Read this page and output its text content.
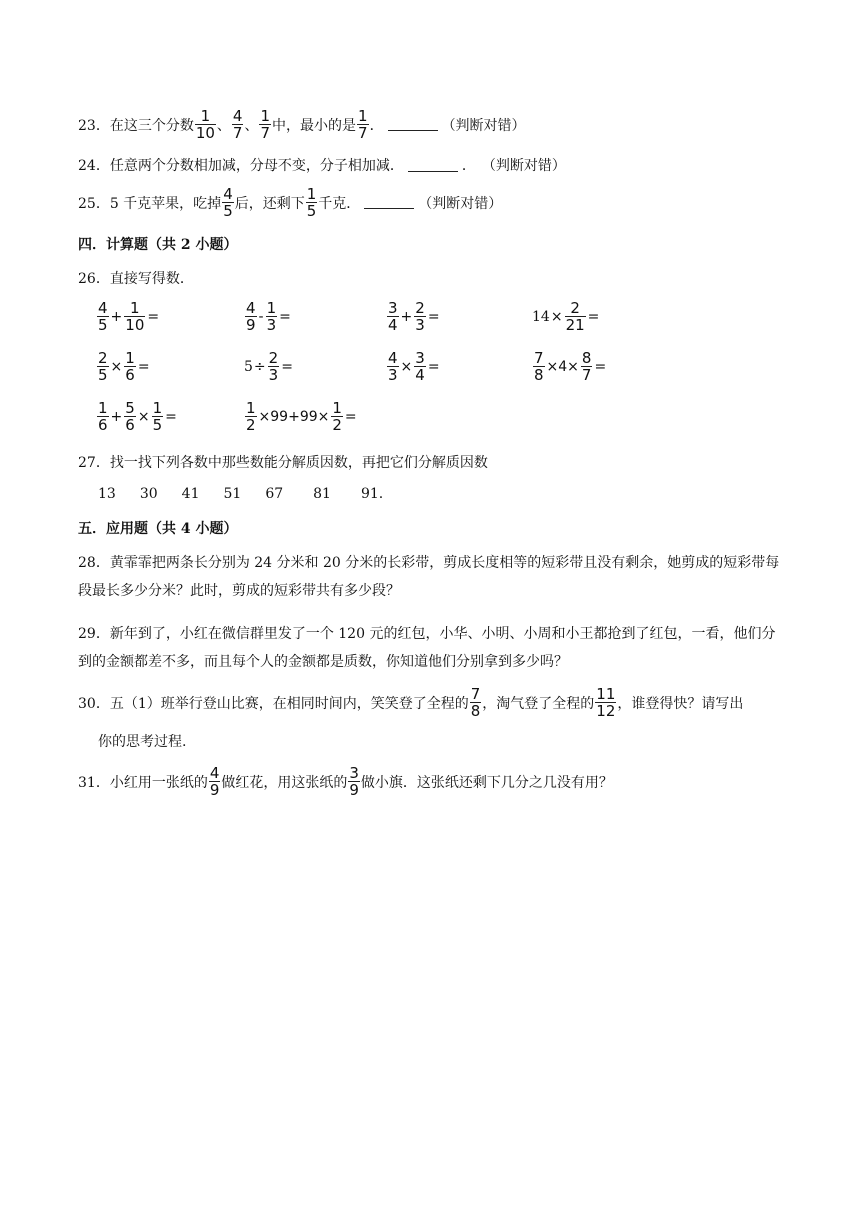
23． 在这三个分数 $\frac{1}{10}$ 、 $\frac{4}{7}$ 、 $\frac{1}{7}$ 中，最小的是 $\frac{1}{7}$ ．	（判断对错）
24． 任意两个分数相加减，分母不变，分子相加减．	． （判断对错）
25． 5 千克苹果，吃掉 $\frac{4}{5}$ 后，还剩下 $\frac{1}{5}$ 千克．	（判断对错）
四．计算题（共 2 小题）
26． 直接写得数．
$\frac{4}{5} + \frac{1}{10}$ =	$\frac{4}{9} - \frac{1}{3}$ =	$\frac{3}{4} + \frac{2}{3}$ =	$14 \times \frac{2}{21}$ =
$\frac{2}{5} \times \frac{1}{6}$ =	$5 \div \frac{2}{3}$ =	$\frac{4}{3} \times \frac{3}{4}$ =	$\frac{7}{8} \times 4\times \frac{8}{7}$ =
$\frac{1}{6} + \frac{5}{6} \times \frac{1}{5}$ =	$\frac{1}{2} \times 99+99\times \frac{1}{2}$ =
27． 找一找下列各数中那些数能分解质因数，再把它们分解质因数
13 30 41 51 67 81 91.
五．应用题（共 4 小题）
28．黄霏霏把两条长分别为 24 分米和 20 分米的长彩带，剪成长度相等的短彩带且没有剩余，她剪成的短彩带每段最长多少分米？此时，剪成的短彩带共有多少段？
29．新年到了，小红在微信群里发了一个 120 元的红包，小华、小明、小周和小王都抢到了红包，一看，他们分到的金额都差不多，而且每个人的金额都是质数，你知道他们分别拿到多少吗？
30． 五（1）班举行登山比赛，在相同时间内，笑笑登了全程的 $\frac{7}{8}$ ，淘气登了全程的 $\frac{11}{12}$ ，谁登得快？请写出
你的思考过程.
31． 小红用一张纸的 $\frac{4}{9}$ 做红花，用这张纸的 $\frac{3}{9}$ 做小旗．这张纸还剩下几分之几没有用？
